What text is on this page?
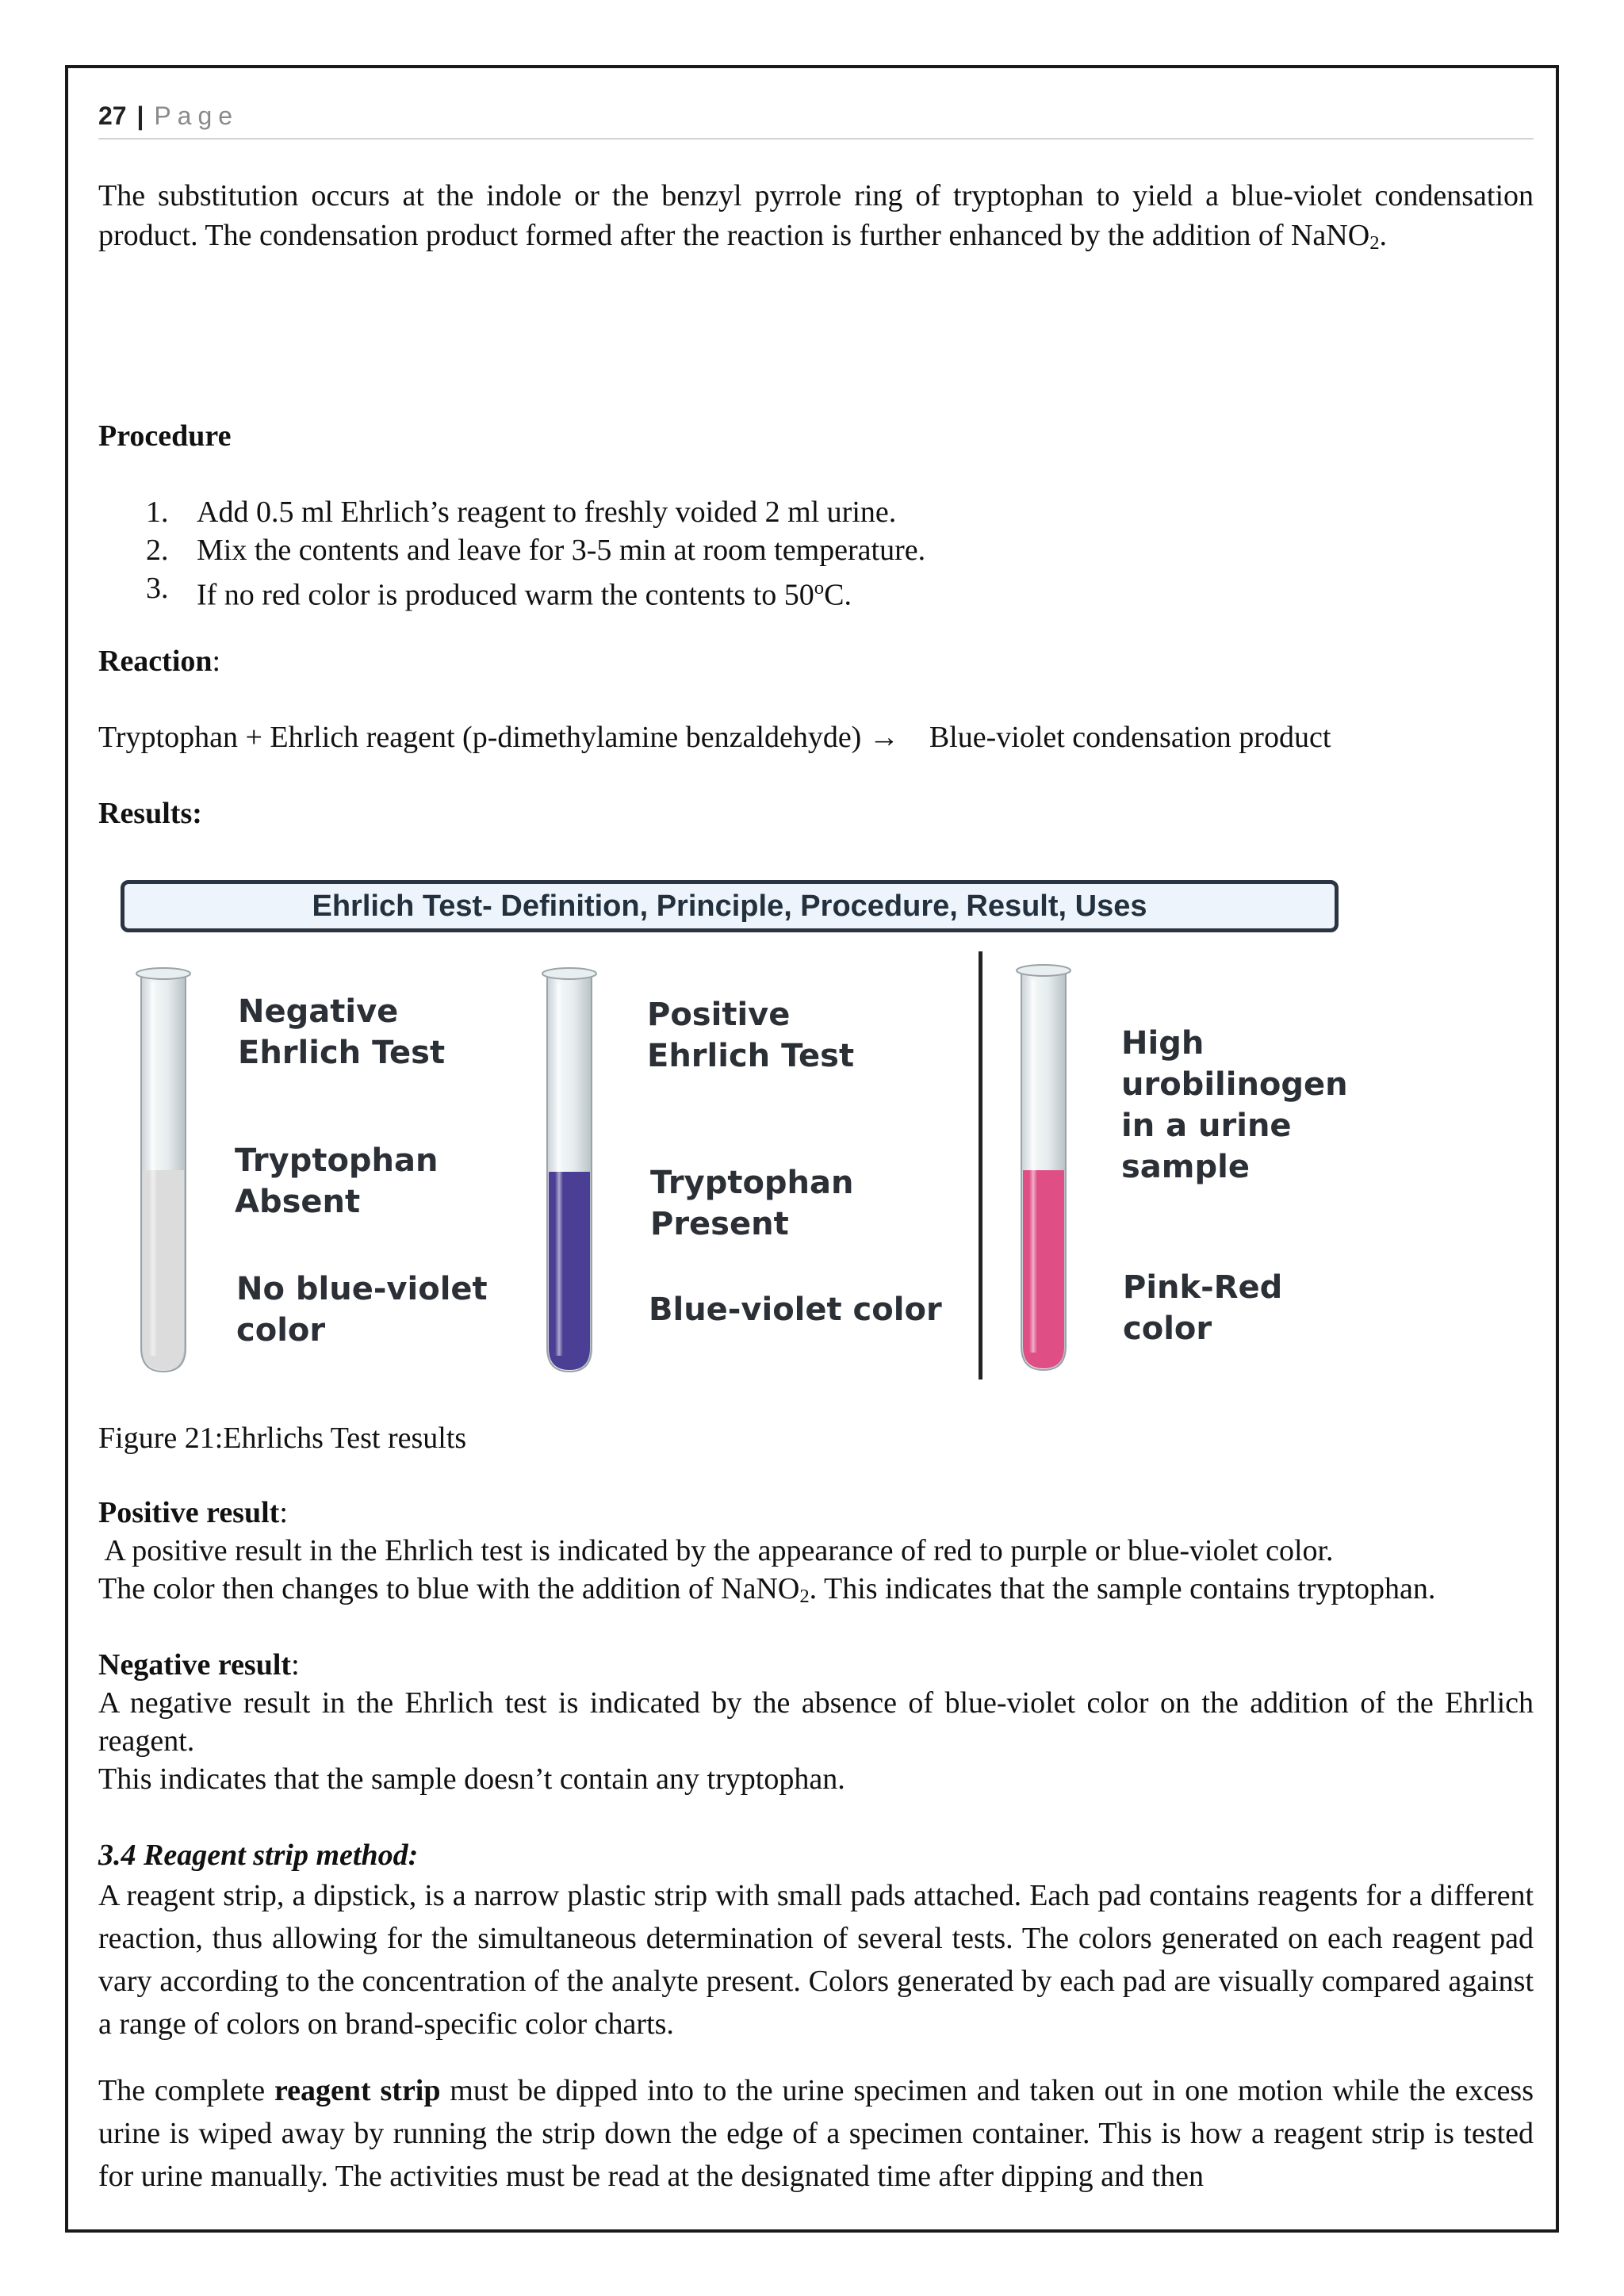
27 | Page
The substitution occurs at the indole or the benzyl pyrrole ring of tryptophan to yield a blue-violet condensation product. The condensation product formed after the reaction is further enhanced by the addition of NaNO$_2$.
Procedure
1. Add 0.5 ml Ehrlich’s reagent to freshly voided 2 ml urine.
2. Mix the contents and leave for 3-5 min at room temperature.
3. If no red color is produced warm the contents to 50$^o$C.
Reaction:
Tryptophan + Ehrlich reagent (p-dimethylamine benzaldehyde) →    Blue-violet condensation product
Results:
Ehrlich Test- Definition, Principle, Procedure, Result, Uses
Negative
Ehrlich Test
Tryptophan
Absent
No blue-violet
color
Positive
Ehrlich Test
Tryptophan
Present
Blue-violet color
High
urobilinogen
in a urine
sample
Pink-Red
color
Figure 21:Ehrlichs Test results
Positive result:
A positive result in the Ehrlich test is indicated by the appearance of red to purple or blue-violet color.
The color then changes to blue with the addition of NaNO$_2$. This indicates that the sample contains tryptophan.
Negative result:
A negative result in the Ehrlich test is indicated by the absence of blue-violet color on the addition of the Ehrlich reagent.
This indicates that the sample doesn’t contain any tryptophan.
3.4 Reagent strip method:
A reagent strip, a dipstick, is a narrow plastic strip with small pads attached. Each pad contains reagents for a different reaction, thus allowing for the simultaneous determination of several tests. The colors generated on each reagent pad vary according to the concentration of the analyte present. Colors generated by each pad are visually compared against a range of colors on brand-specific color charts.
The complete reagent strip must be dipped into to the urine specimen and taken out in one motion while the excess urine is wiped away by running the strip down the edge of a specimen container. This is how a reagent strip is tested for urine manually. The activities must be read at the designated time after dipping and then
